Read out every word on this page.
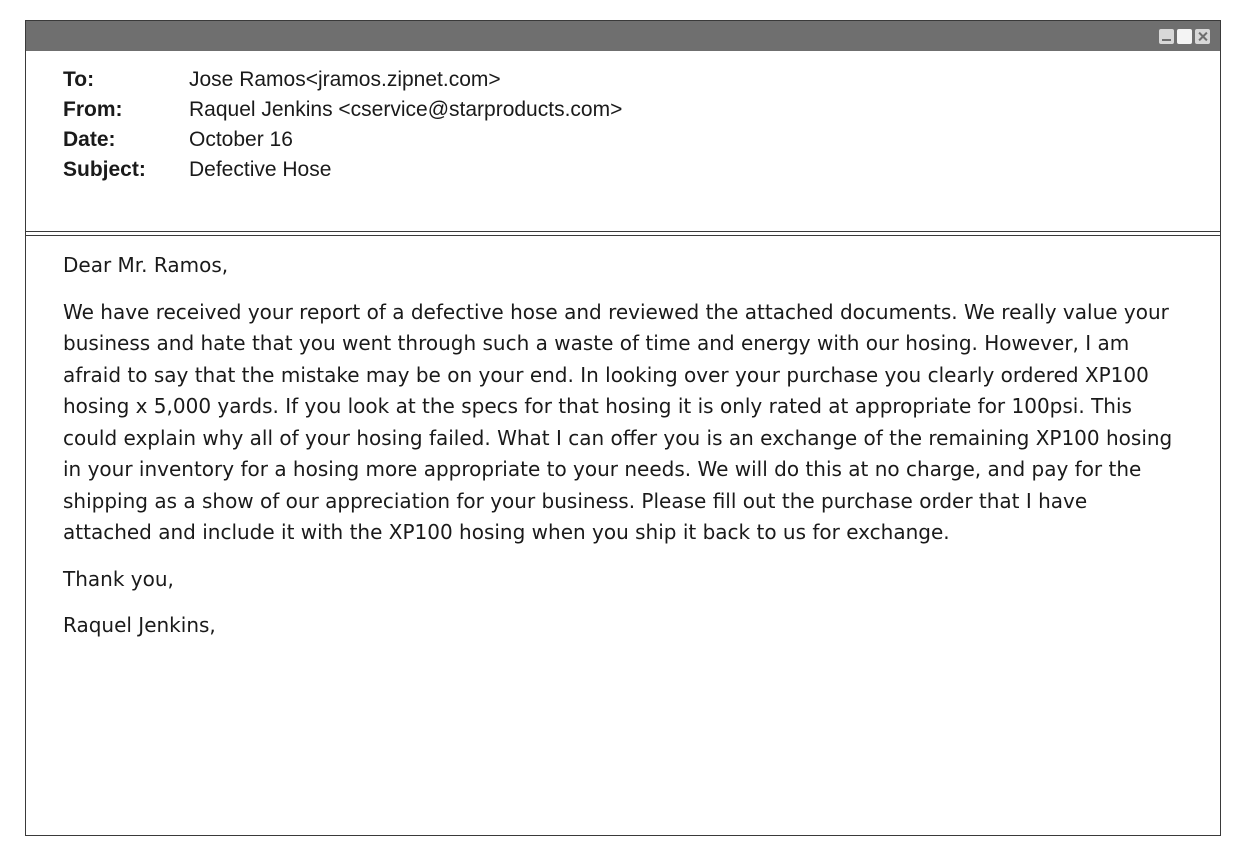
To:	Jose Ramos<jramos.zipnet.com>
From:	Raquel Jenkins <cservice@starproducts.com>
Date:	October 16
Subject:	Defective Hose

Dear Mr. Ramos,

We have received your report of a defective hose and reviewed the attached documents. We really value your business and hate that you went through such a waste of time and energy with our hosing. However, I am afraid to say that the mistake may be on your end. In looking over your purchase you clearly ordered XP100 hosing x 5,000 yards. If you look at the specs for that hosing it is only rated at appropriate for 100psi. This could explain why all of your hosing failed. What I can offer you is an exchange of the remaining XP100 hosing in your inventory for a hosing more appropriate to your needs. We will do this at no charge, and pay for the shipping as a show of our appreciation for your business. Please fill out the purchase order that I have attached and include it with the XP100 hosing when you ship it back to us for exchange.

Thank you,

Raquel Jenkins,
